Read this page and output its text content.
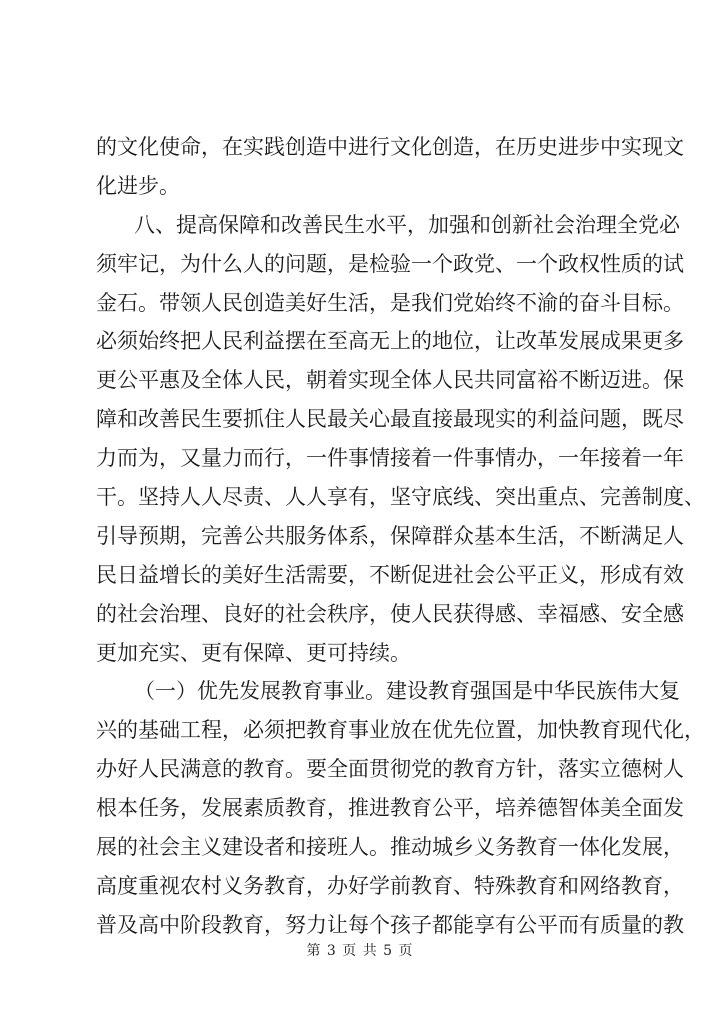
的文化使命，在实践创造中进行文化创造，在历史进步中实现文
化进步。
八、提高保障和改善民生水平，加强和创新社会治理全党必
须牢记，为什么人的问题，是检验一个政党、一个政权性质的试
金石。带领人民创造美好生活，是我们党始终不渝的奋斗目标。
必须始终把人民利益摆在至高无上的地位，让改革发展成果更多
更公平惠及全体人民，朝着实现全体人民共同富裕不断迈进。保
障和改善民生要抓住人民最关心最直接最现实的利益问题，既尽
力而为，又量力而行，一件事情接着一件事情办，一年接着一年
干。坚持人人尽责、人人享有，坚守底线、突出重点、完善制度、
引导预期，完善公共服务体系，保障群众基本生活，不断满足人
民日益增长的美好生活需要，不断促进社会公平正义，形成有效
的社会治理、良好的社会秩序，使人民获得感、幸福感、安全感
更加充实、更有保障、更可持续。
（一）优先发展教育事业。建设教育强国是中华民族伟大复
兴的基础工程，必须把教育事业放在优先位置，加快教育现代化，
办好人民满意的教育。要全面贯彻党的教育方针，落实立德树人
根本任务，发展素质教育，推进教育公平，培养德智体美全面发
展的社会主义建设者和接班人。推动城乡义务教育一体化发展，
高度重视农村义务教育，办好学前教育、特殊教育和网络教育，
普及高中阶段教育，努力让每个孩子都能享有公平而有质量的教
第 3 页 共 5 页
